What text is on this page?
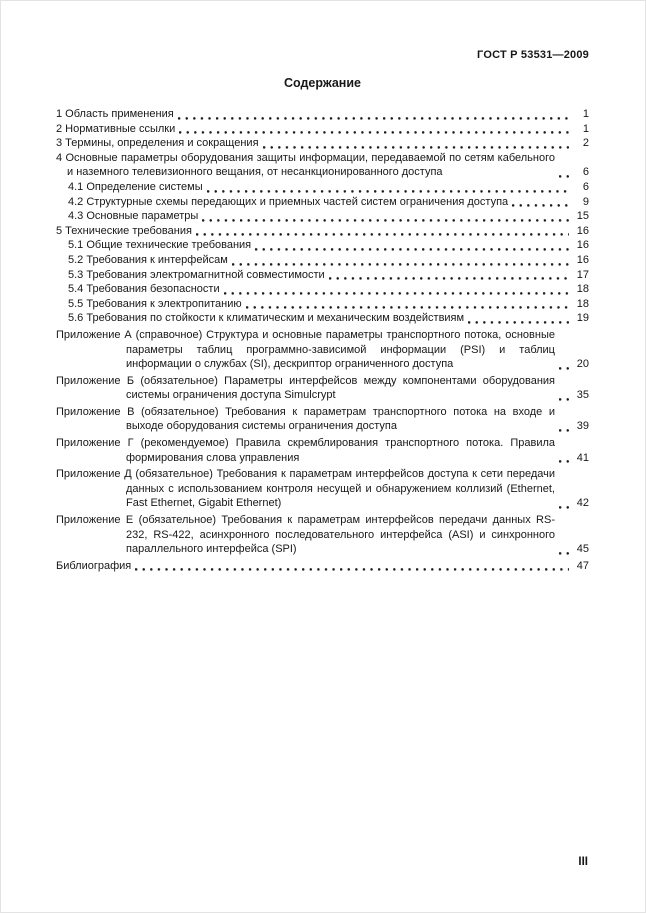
ГОСТ Р 53531—2009
Содержание
1 Область применения	1
2 Нормативные ссылки	1
3 Термины, определения и сокращения	2
4 Основные параметры оборудования защиты информации, передаваемой по сетям кабельного и наземного телевизионного вещания, от несанкционированного доступа	6
4.1 Определение системы	6
4.2 Структурные схемы передающих и приемных частей систем ограничения доступа	9
4.3 Основные параметры	15
5 Технические требования	16
5.1 Общие технические требования	16
5.2 Требования к интерфейсам	16
5.3 Требования электромагнитной совместимости	17
5.4 Требования безопасности	18
5.5 Требования к электропитанию	18
5.6 Требования по стойкости к климатическим и механическим воздействиям	19
Приложение А (справочное) Структура и основные параметры транспортного потока, основные параметры таблиц программно-зависимой информации (PSI) и таблиц информации о службах (SI), дескриптор ограниченного доступа	20
Приложение Б (обязательное) Параметры интерфейсов между компонентами оборудования системы ограничения доступа Simulcrypt	35
Приложение В (обязательное) Требования к параметрам транспортного потока на входе и выходе оборудования системы ограничения доступа	39
Приложение Г (рекомендуемое) Правила скремблирования транспортного потока. Правила формирования слова управления	41
Приложение Д (обязательное) Требования к параметрам интерфейсов доступа к сети передачи данных с использованием контроля несущей и обнаружением коллизий (Ethernet, Fast Ethernet, Gigabit Ethernet)	42
Приложение Е (обязательное) Требования к параметрам интерфейсов передачи данных RS-232, RS-422, асинхронного последовательного интерфейса (ASI) и синхронного параллельного интерфейса (SPI)	45
Библиография	47
III
